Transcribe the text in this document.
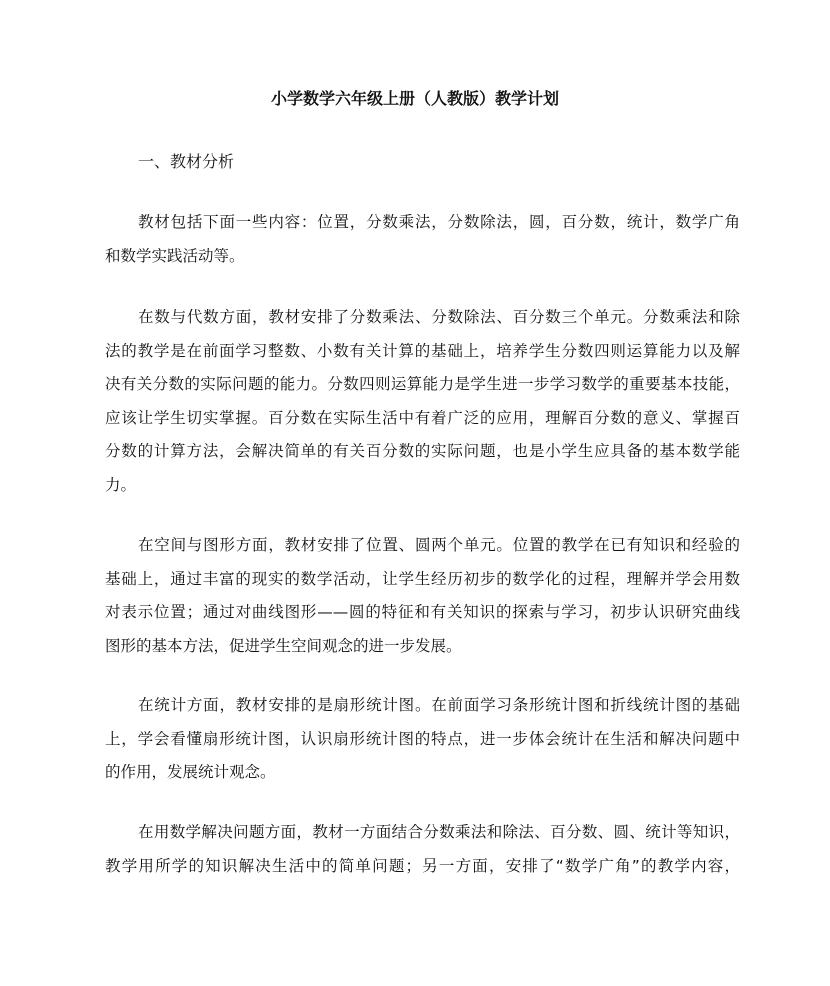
小学数学六年级上册（人教版）教学计划
一、教材分析
教材包括下面一些内容：位置，分数乘法，分数除法，圆，百分数，统计，数学广角
和数学实践活动等。
在数与代数方面，教材安排了分数乘法、分数除法、百分数三个单元。分数乘法和除
法的教学是在前面学习整数、小数有关计算的基础上，培养学生分数四则运算能力以及解
决有关分数的实际问题的能力。分数四则运算能力是学生进一步学习数学的重要基本技能，
应该让学生切实掌握。百分数在实际生活中有着广泛的应用，理解百分数的意义、掌握百
分数的计算方法，会解决简单的有关百分数的实际问题，也是小学生应具备的基本数学能
力。
在空间与图形方面，教材安排了位置、圆两个单元。位置的教学在已有知识和经验的
基础上，通过丰富的现实的数学活动，让学生经历初步的数学化的过程，理解并学会用数
对表示位置；通过对曲线图形——圆的特征和有关知识的探索与学习，初步认识研究曲线
图形的基本方法，促进学生空间观念的进一步发展。
在统计方面，教材安排的是扇形统计图。在前面学习条形统计图和折线统计图的基础
上，学会看懂扇形统计图，认识扇形统计图的特点，进一步体会统计在生活和解决问题中
的作用，发展统计观念。
在用数学解决问题方面，教材一方面结合分数乘法和除法、百分数、圆、统计等知识，
教学用所学的知识解决生活中的简单问题；另一方面，安排了“数学广角”的教学内容，
